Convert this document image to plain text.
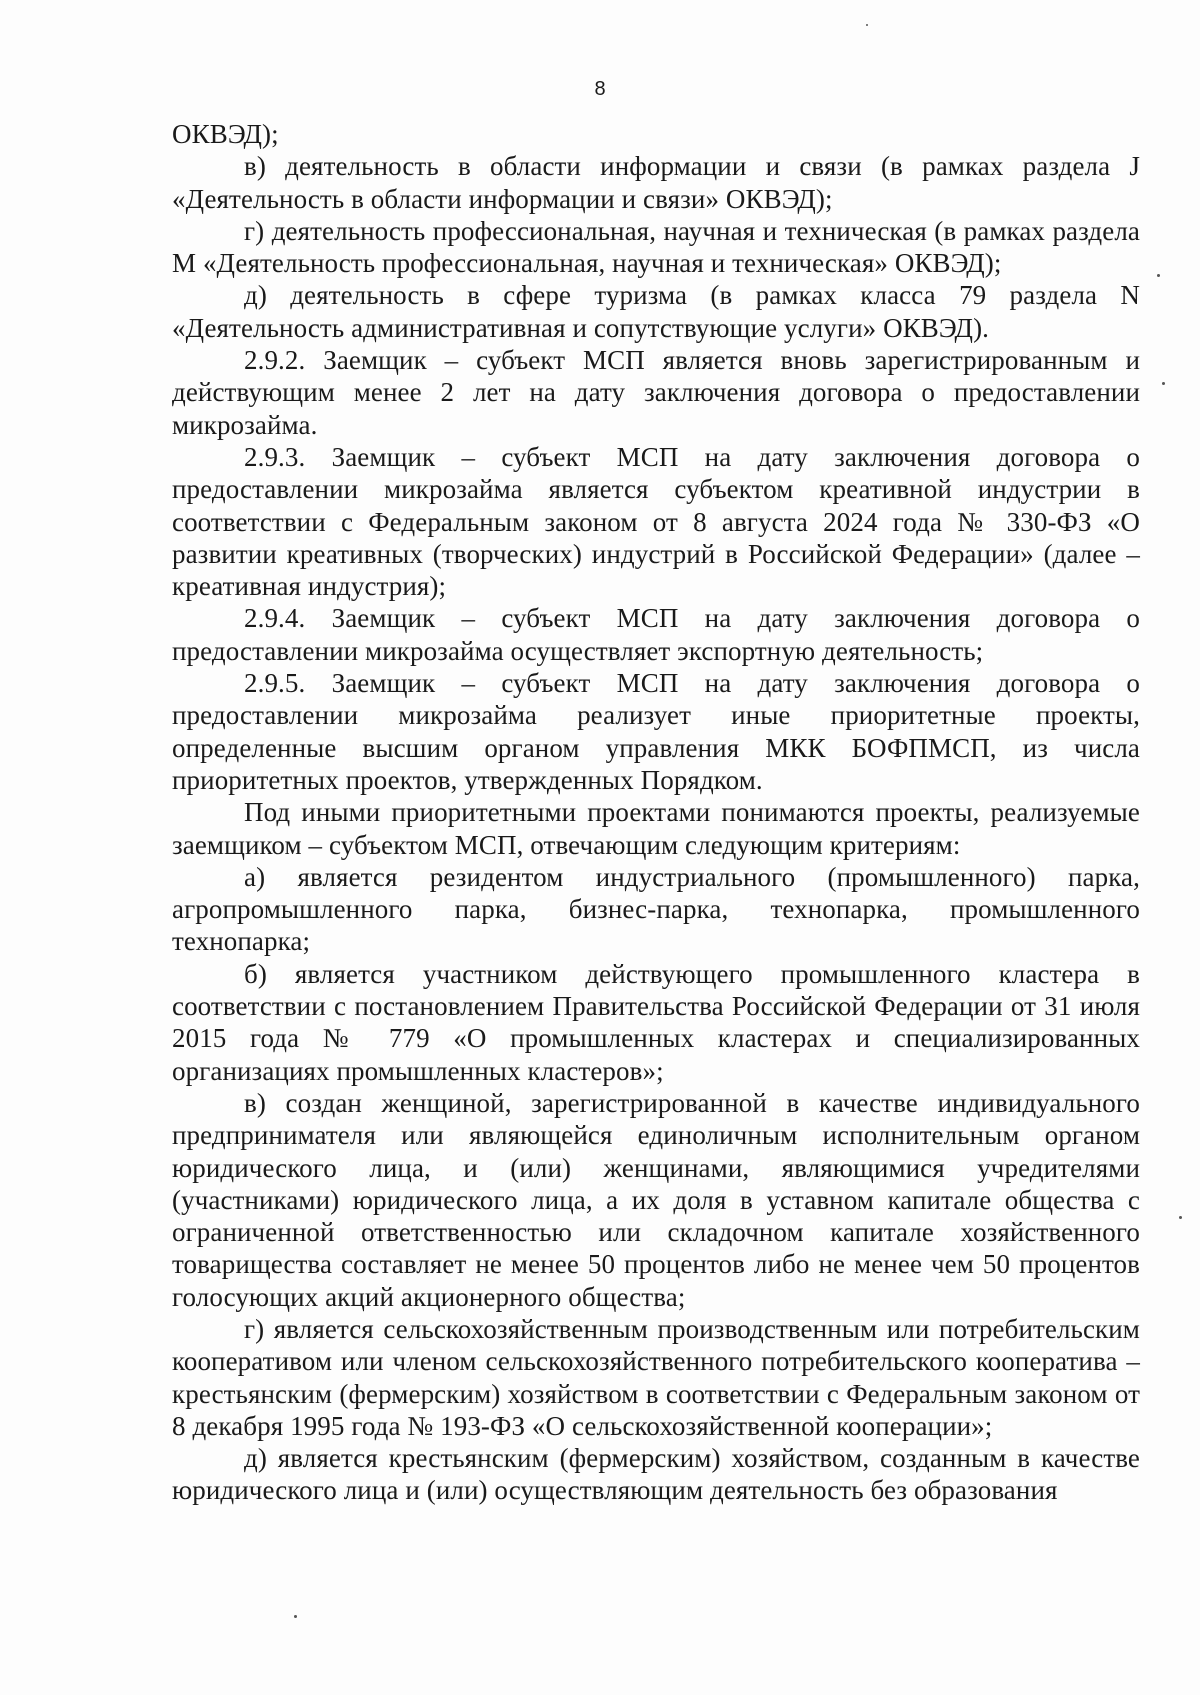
8

ОКВЭД);

в) деятельность в области информации и связи (в рамках раздела J «Деятельность в области информации и связи» ОКВЭД);

г) деятельность профессиональная, научная и техническая (в рамках раздела M «Деятельность профессиональная, научная и техническая» ОКВЭД);

д) деятельность в сфере туризма (в рамках класса 79 раздела N «Деятельность административная и сопутствующие услуги» ОКВЭД).

2.9.2. Заемщик – субъект МСП является вновь зарегистрированным и действующим менее 2 лет на дату заключения договора о предоставлении микрозайма.

2.9.3. Заемщик – субъект МСП на дату заключения договора о предоставлении микрозайма является субъектом креативной индустрии в соответствии с Федеральным законом от 8 августа 2024 года № 330-ФЗ «О развитии креативных (творческих) индустрий в Российской Федерации» (далее – креативная индустрия);

2.9.4. Заемщик – субъект МСП на дату заключения договора о предоставлении микрозайма осуществляет экспортную деятельность;

2.9.5. Заемщик – субъект МСП на дату заключения договора о предоставлении микрозайма реализует иные приоритетные проекты, определенные высшим органом управления МКК БОФПМСП, из числа приоритетных проектов, утвержденных Порядком.

Под иными приоритетными проектами понимаются проекты, реализуемые заемщиком – субъектом МСП, отвечающим следующим критериям:

а) является резидентом индустриального (промышленного) парка, агропромышленного парка, бизнес-парка, технопарка, промышленного технопарка;

б) является участником действующего промышленного кластера в соответствии с постановлением Правительства Российской Федерации от 31 июля 2015 года № 779 «О промышленных кластерах и специализированных организациях промышленных кластеров»;

в) создан женщиной, зарегистрированной в качестве индивидуального предпринимателя или являющейся единоличным исполнительным органом юридического лица, и (или) женщинами, являющимися учредителями (участниками) юридического лица, а их доля в уставном капитале общества с ограниченной ответственностью или складочном капитале хозяйственного товарищества составляет не менее 50 процентов либо не менее чем 50 процентов голосующих акций акционерного общества;

г) является сельскохозяйственным производственным или потребительским кооперативом или членом сельскохозяйственного потребительского кооператива – крестьянским (фермерским) хозяйством в соответствии с Федеральным законом от 8 декабря 1995 года № 193-ФЗ «О сельскохозяйственной кооперации»;

д) является крестьянским (фермерским) хозяйством, созданным в качестве юридического лица и (или) осуществляющим деятельность без образования
